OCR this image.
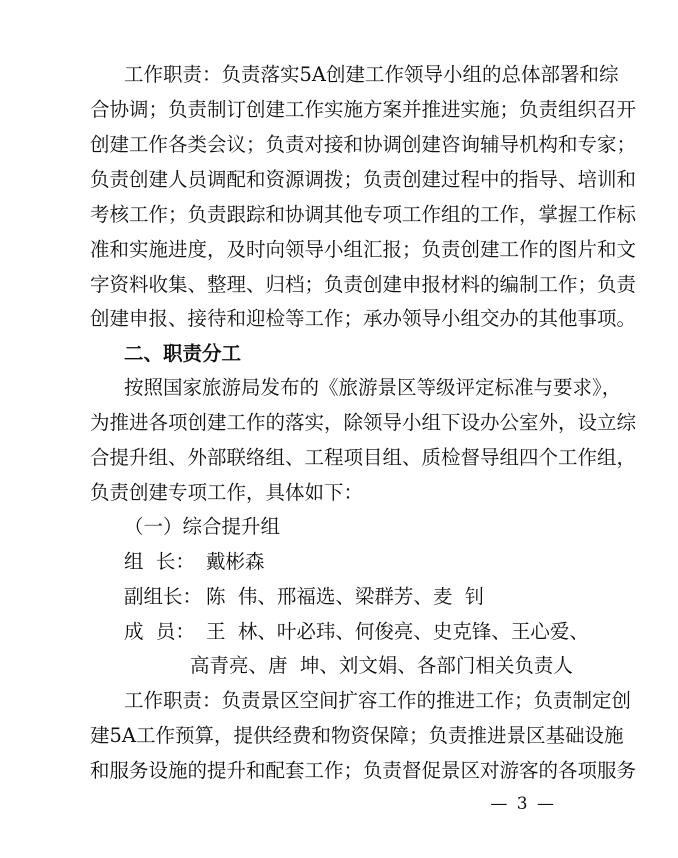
工作职责：负责落实5A创建工作领导小组的总体部署和综
合协调；负责制订创建工作实施方案并推进实施；负责组织召开
创建工作各类会议；负责对接和协调创建咨询辅导机构和专家；
负责创建人员调配和资源调拨；负责创建过程中的指导、培训和
考核工作；负责跟踪和协调其他专项工作组的工作，掌握工作标
准和实施进度，及时向领导小组汇报；负责创建工作的图片和文
字资料收集、整理、归档；负责创建申报材料的编制工作；负责
创建申报、接待和迎检等工作；承办领导小组交办的其他事项。
二、职责分工
按照国家旅游局发布的《旅游景区等级评定标准与要求》，
为推进各项创建工作的落实，除领导小组下设办公室外，设立综
合提升组、外部联络组、工程项目组、质检督导组四个工作组，
负责创建专项工作，具体如下：
（一）综合提升组
组  长： 戴彬森
副组长： 陈  伟、邢福选、梁群芳、麦  钊
成  员： 王  林、叶必玮、何俊亮、史克锋、王心爱、
高青亮、唐  坤、刘文娟、各部门相关负责人
工作职责：负责景区空间扩容工作的推进工作；负责制定创
建5A工作预算，提供经费和物资保障；负责推进景区基础设施
和服务设施的提升和配套工作；负责督促景区对游客的各项服务
— 3 —
